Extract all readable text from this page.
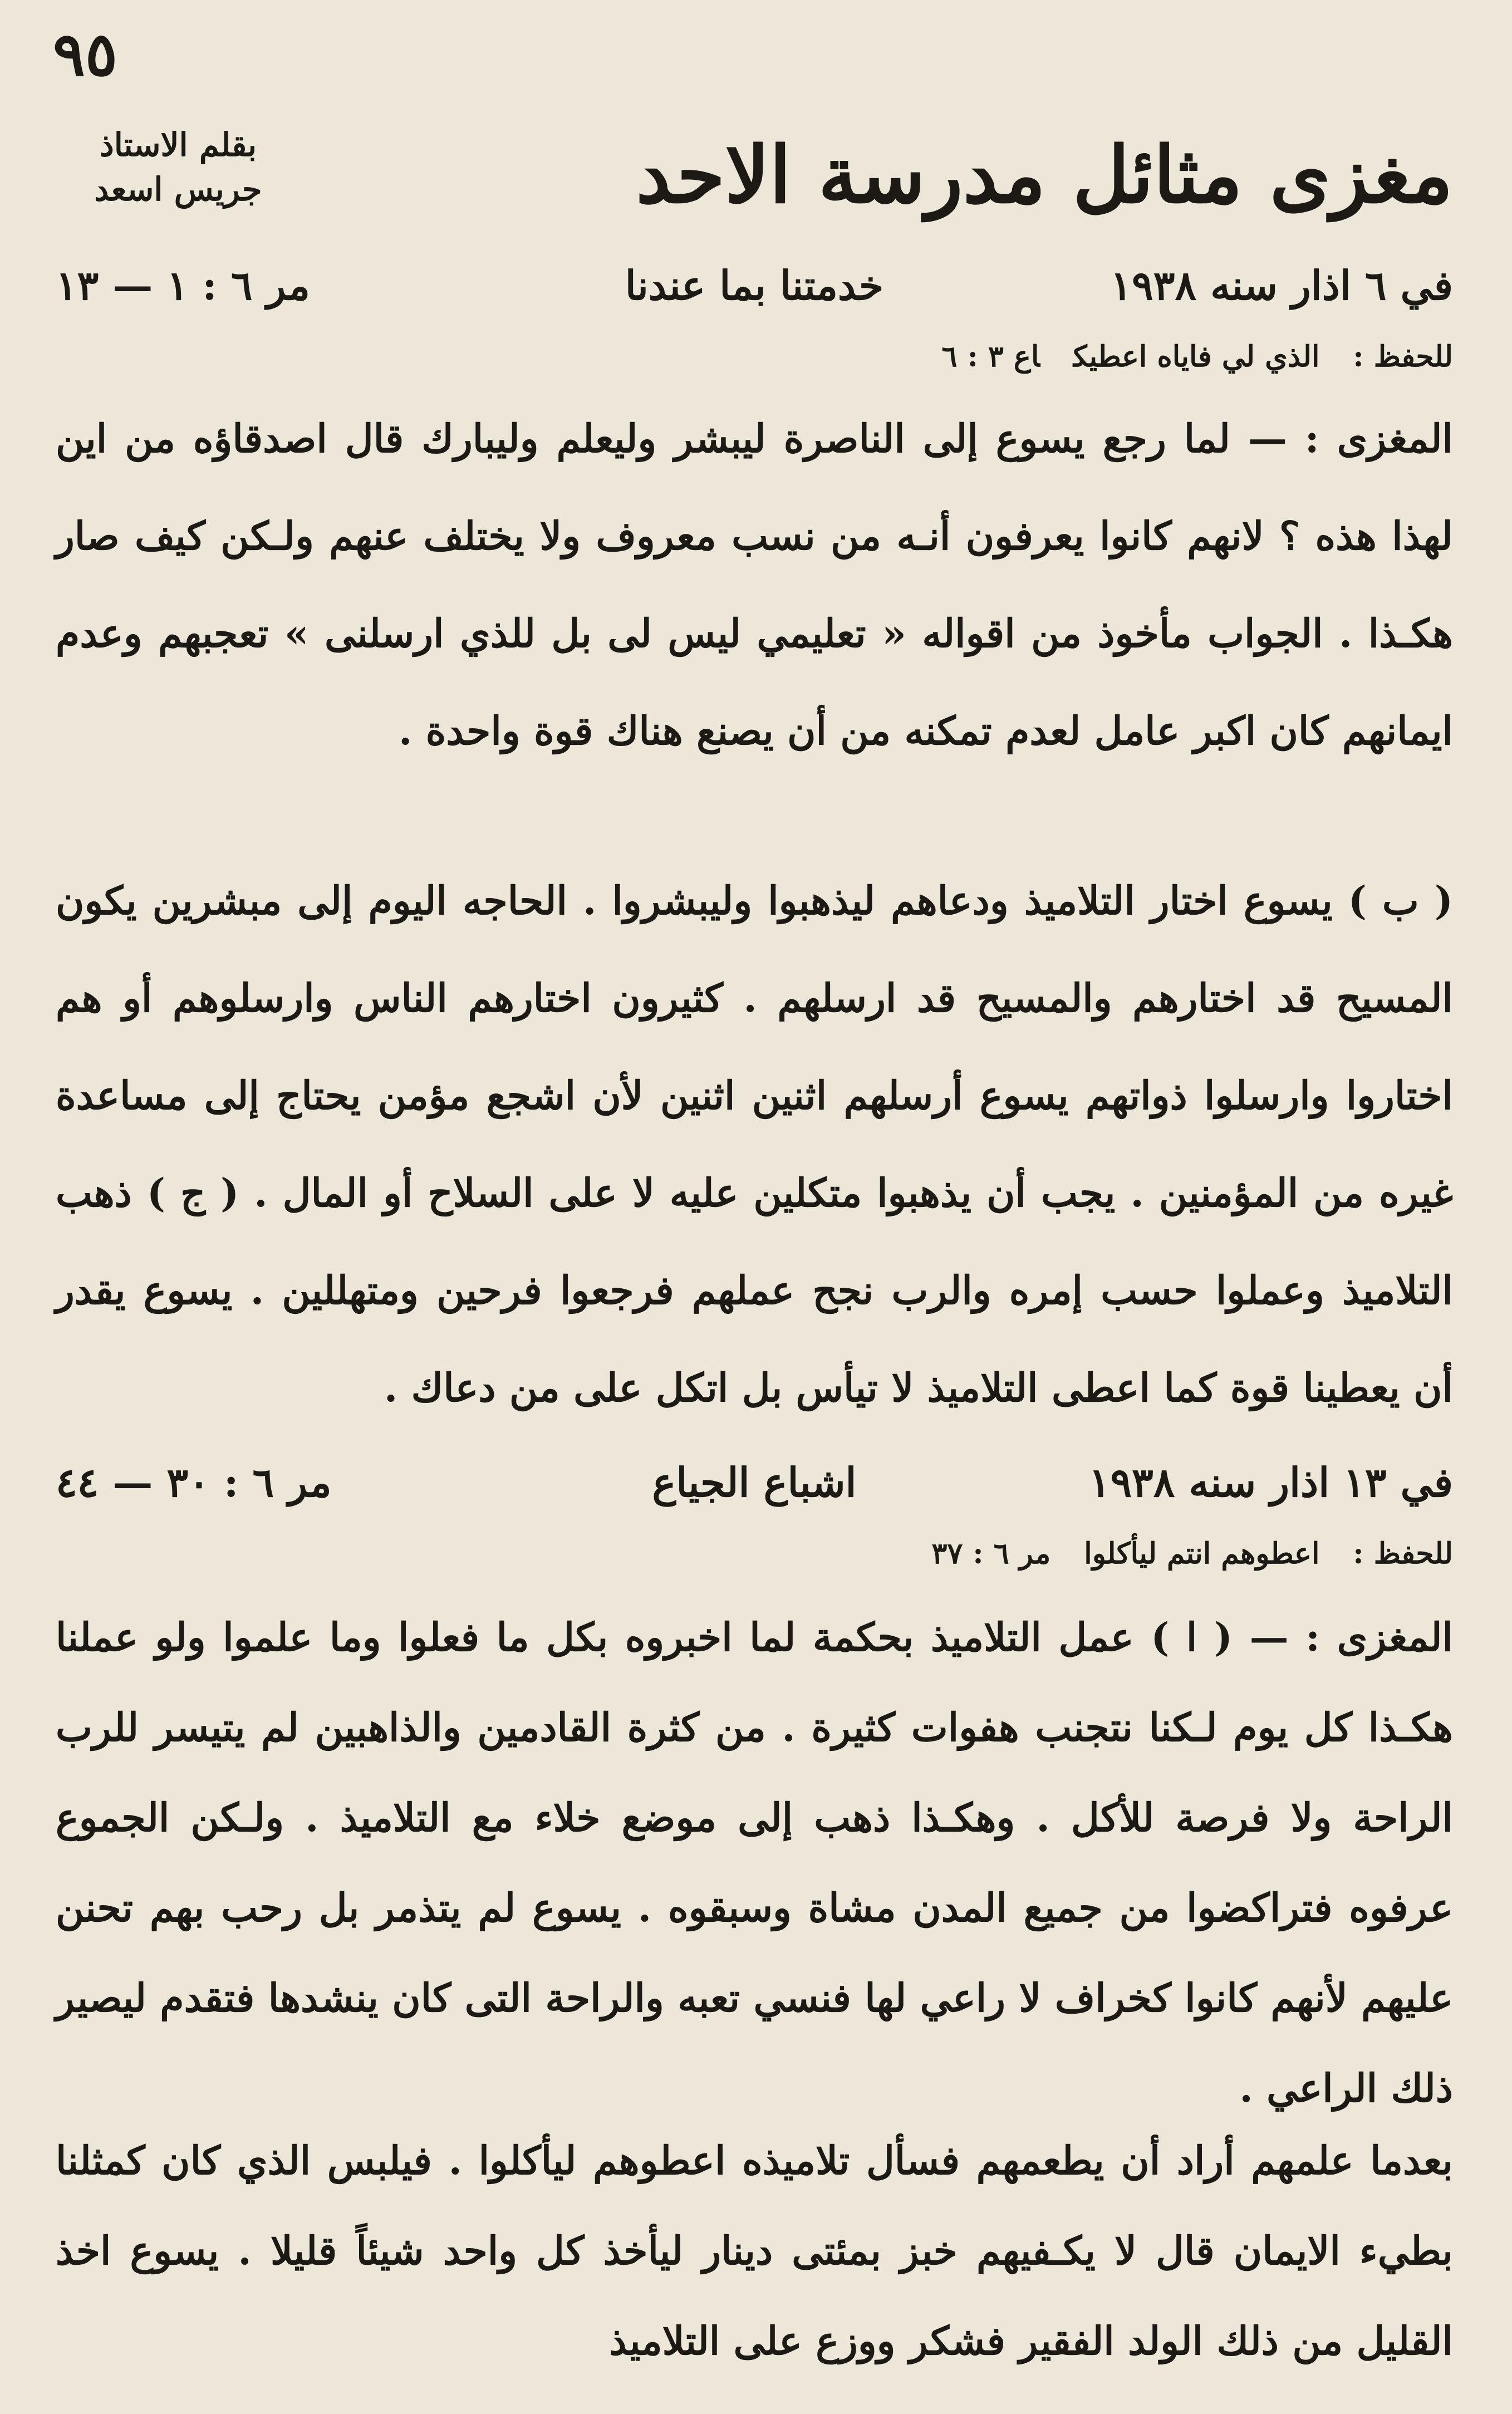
٩٥
بقلم الاستاذ
جريس اسعد	مغزى مثائل مدرسة الاحد
في ٦ اذار سنه ١٩٣٨
خدمتنا بما عندنا
مر ٦ : ١ — ١٣
للحفظ :الذي لي فاياه اعطيكاع ٣ : ٦
المغزى : — لما رجع يسوع إلى الناصرة ليبشر وليعلم وليبارك قال اصدقاؤه من اين لهذا هذه ؟ لانهم كانوا يعرفون أنـه من نسب معروف ولا يختلف عنهم ولـكن كيف صار هكـذا . الجواب مأخوذ من اقواله « تعليمي ليس لى بل للذي ارسلنى » تعجبهم وعدم ايمانهم كان اكبر عامل لعدم تمكنه من أن يصنع هناك قوة واحدة .
( ب ) يسوع اختار التلاميذ ودعاهم ليذهبوا وليبشروا . الحاجه اليوم إلى مبشرين يكون المسيح قد اختارهم والمسيح قد ارسلهم . كثيرون اختارهم الناس وارسلوهم أو هم اختاروا وارسلوا ذواتهم يسوع أرسلهم اثنين اثنين لأن اشجع مؤمن يحتاج إلى مساعدة غيره من المؤمنين . يجب أن يذهبوا متكلين عليه لا على السلاح أو المال . ( ج ) ذهب التلاميذ وعملوا حسب إمره والرب نجح عملهم فرجعوا فرحين ومتهللين . يسوع يقدر أن يعطينا قوة كما اعطى التلاميذ لا تيأس بل اتكل على من دعاك .
في ١٣ اذار سنه ١٩٣٨
اشباع الجياع
مر ٦ : ٣٠ — ٤٤
للحفظ :اعطوهم انتم ليأكلوامر ٦ : ٣٧
المغزى : — ( ا ) عمل التلاميذ بحكمة لما اخبروه بكل ما فعلوا وما علموا ولو عملنا هكـذا كل يوم لـكنا نتجنب هفوات كثيرة . من كثرة القادمين والذاهبين لم يتيسر للرب الراحة ولا فرصة للأكل . وهكـذا ذهب إلى موضع خلاء مع التلاميذ . ولـكن الجموع عرفوه فتراكضوا من جميع المدن مشاة وسبقوه . يسوع لم يتذمر بل رحب بهم تحنن عليهم لأنهم كانوا كخراف لا راعي لها فنسي تعبه والراحة التى كان ينشدها فتقدم ليصير ذلك الراعي .
بعدما علمهم أراد أن يطعمهم فسأل تلاميذه اعطوهم ليأكلوا . فيلبس الذي كان كمثلنا بطيء الايمان قال لا يكـفيهم خبز بمئتى دينار ليأخذ كل واحد شيئاً قليلا . يسوع اخذ القليل من ذلك الولد الفقير فشكر ووزع على التلاميذ
